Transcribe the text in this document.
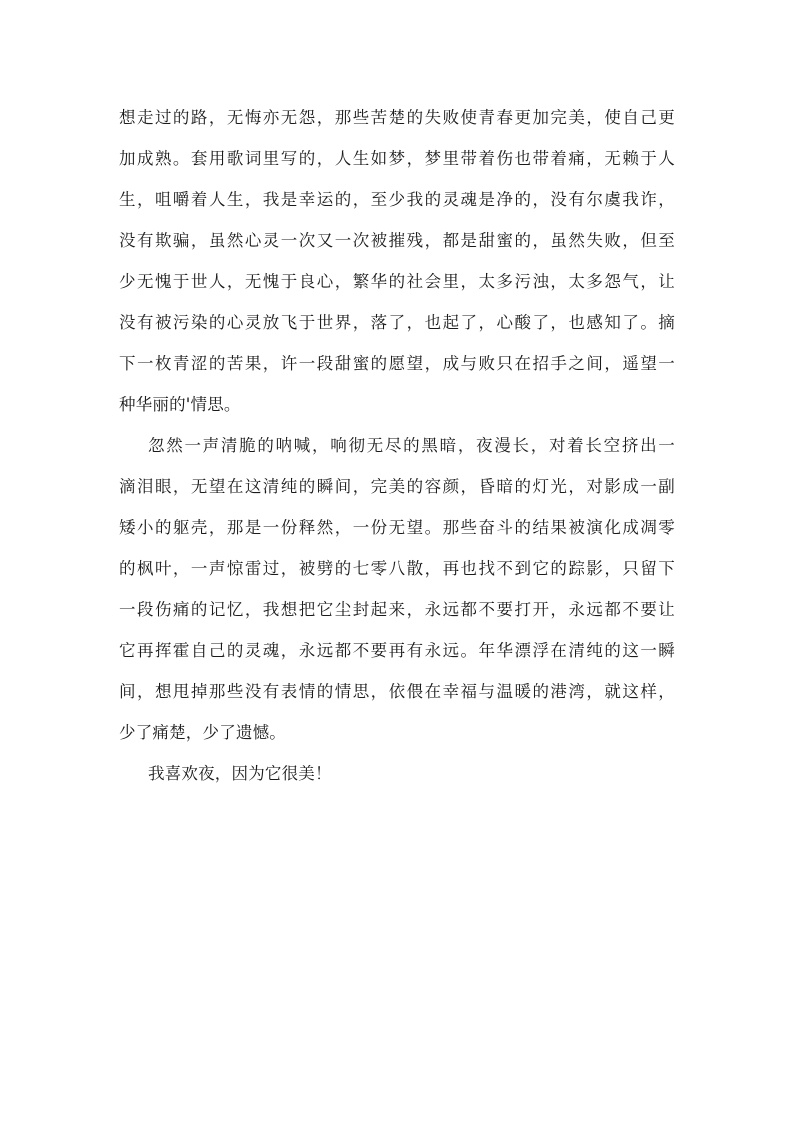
想走过的路，无悔亦无怨，那些苦楚的失败使青春更加完美，使自己更
加成熟。套用歌词里写的，人生如梦，梦里带着伤也带着痛，无赖于人
生，咀嚼着人生，我是幸运的，至少我的灵魂是净的，没有尔虞我诈，
没有欺骗，虽然心灵一次又一次被摧残，都是甜蜜的，虽然失败，但至
少无愧于世人，无愧于良心，繁华的社会里，太多污浊，太多怨气，让
没有被污染的心灵放飞于世界，落了，也起了，心酸了，也感知了。摘
下一枚青涩的苦果，许一段甜蜜的愿望，成与败只在招手之间，遥望一
种华丽的'情思。
忽然一声清脆的呐喊，响彻无尽的黑暗，夜漫长，对着长空挤出一
滴泪眼，无望在这清纯的瞬间，完美的容颜，昏暗的灯光，对影成一副
矮小的躯壳，那是一份释然，一份无望。那些奋斗的结果被演化成凋零
的枫叶，一声惊雷过，被劈的七零八散，再也找不到它的踪影，只留下
一段伤痛的记忆，我想把它尘封起来，永远都不要打开，永远都不要让
它再挥霍自己的灵魂，永远都不要再有永远。年华漂浮在清纯的这一瞬
间，想甩掉那些没有表情的情思，依偎在幸福与温暖的港湾，就这样，
少了痛楚，少了遗憾。
我喜欢夜，因为它很美！
